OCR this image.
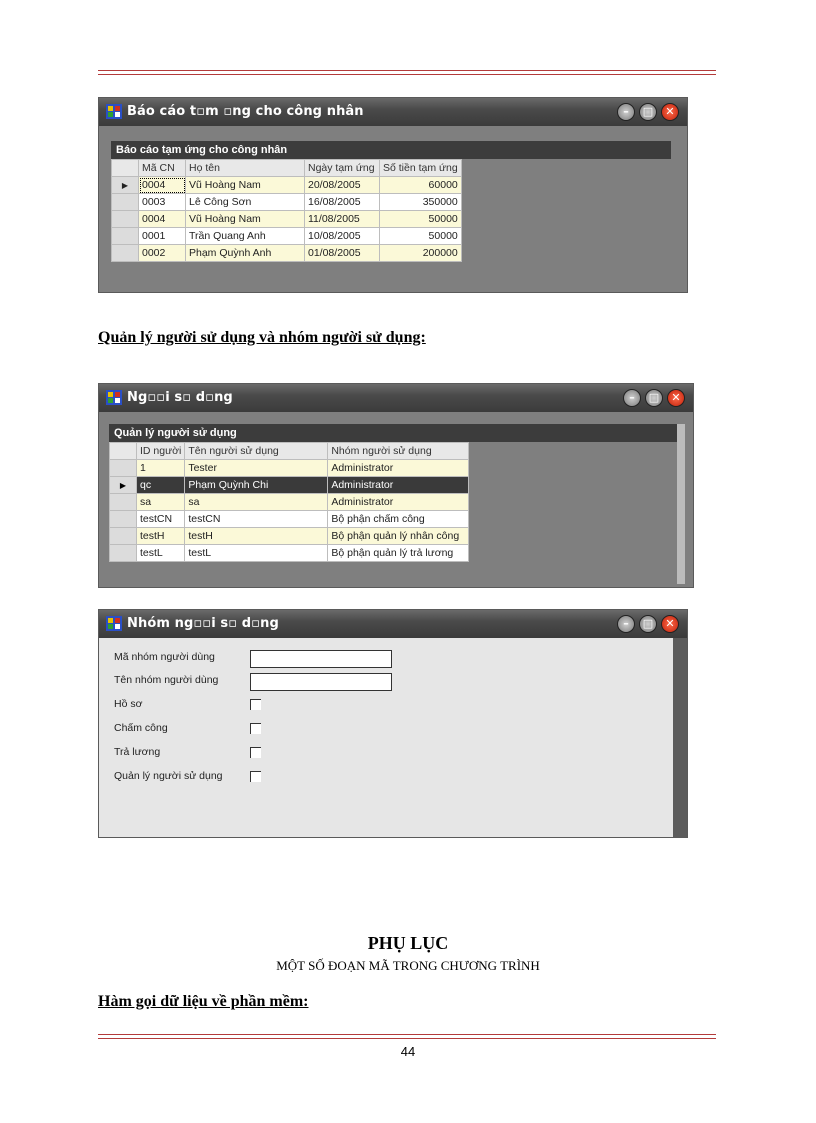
Báo cáo t▫m ▫ng cho công nhân	–	□	✕
Báo cáo tạm ứng cho công nhân
	Mã CN	Họ tên	Ngày tạm ứng	Số tiền tạm ứng
▶	0004	Vũ Hoàng Nam	20/08/2005	60000
	0003	Lê Công Sơn	16/08/2005	350000
	0004	Vũ Hoàng Nam	11/08/2005	50000
	0001	Trần Quang Anh	10/08/2005	50000
	0002	Phạm Quỳnh Anh	01/08/2005	200000
Quản lý người sử dụng và nhóm người sử dụng:
Ng▫▫i s▫ d▫ng	–	□	✕
Quản lý người sử dụng
	ID người	Tên người sử dụng	Nhóm người sử dụng
	1	Tester	Administrator
▶	qc	Phạm Quỳnh Chi	Administrator
	sa	sa	Administrator
	testCN	testCN	Bộ phận chấm công
	testH	testH	Bộ phận quản lý nhân công
	testL	testL	Bộ phận quản lý trả lương
Nhóm ng▫▫i s▫ d▫ng	–	□	✕
Mã nhóm người dùng
Tên nhóm người dùng
Hồ sơ
Chấm công
Trả lương
Quản lý người sử dụng
PHỤ LỤC
MỘT SỐ ĐOẠN MÃ TRONG CHƯƠNG TRÌNH
Hàm gọi dữ liệu về phần mềm:
44
